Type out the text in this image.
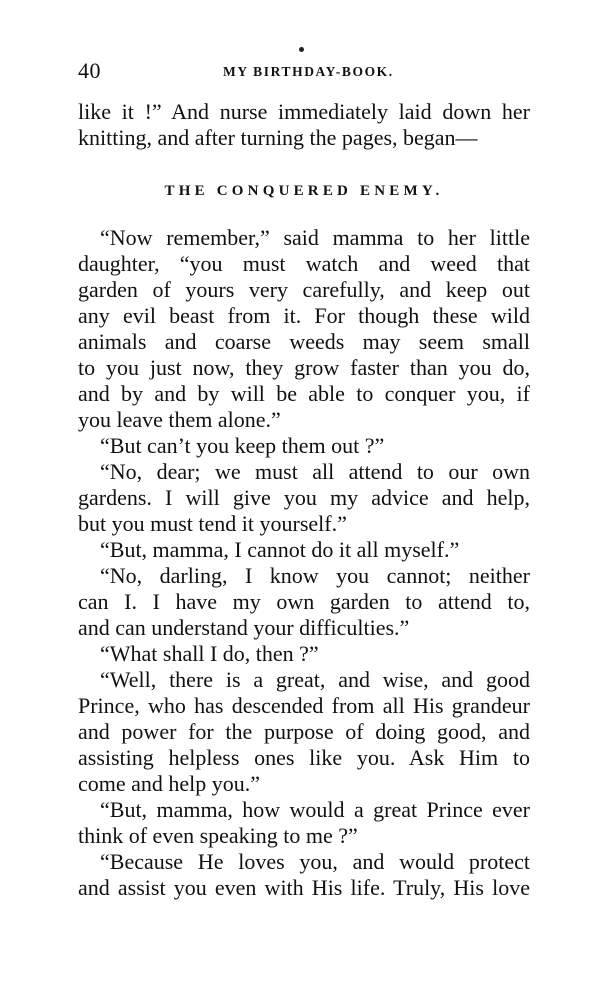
40	MY BIRTHDAY-BOOK.
like it !” And nurse immediately laid down her
knitting, and after turning the pages, began—
THE CONQUERED ENEMY.
“Now remember,” said mamma to her little
daughter, “you must watch and weed that
garden of yours very carefully, and keep out
any evil beast from it. For though these wild
animals and coarse weeds may seem small
to you just now, they grow faster than you do,
and by and by will be able to conquer you, if
you leave them alone.”
“But can’t you keep them out ?”
“No, dear; we must all attend to our own
gardens. I will give you my advice and help,
but you must tend it yourself.”
“But, mamma, I cannot do it all myself.”
“No, darling, I know you cannot; neither
can I. I have my own garden to attend to,
and can understand your difficulties.”
“What shall I do, then ?”
“Well, there is a great, and wise, and good
Prince, who has descended from all His grandeur
and power for the purpose of doing good, and
assisting helpless ones like you. Ask Him to
come and help you.”
“But, mamma, how would a great Prince ever
think of even speaking to me ?”
“Because He loves you, and would protect
and assist you even with His life. Truly, His love
